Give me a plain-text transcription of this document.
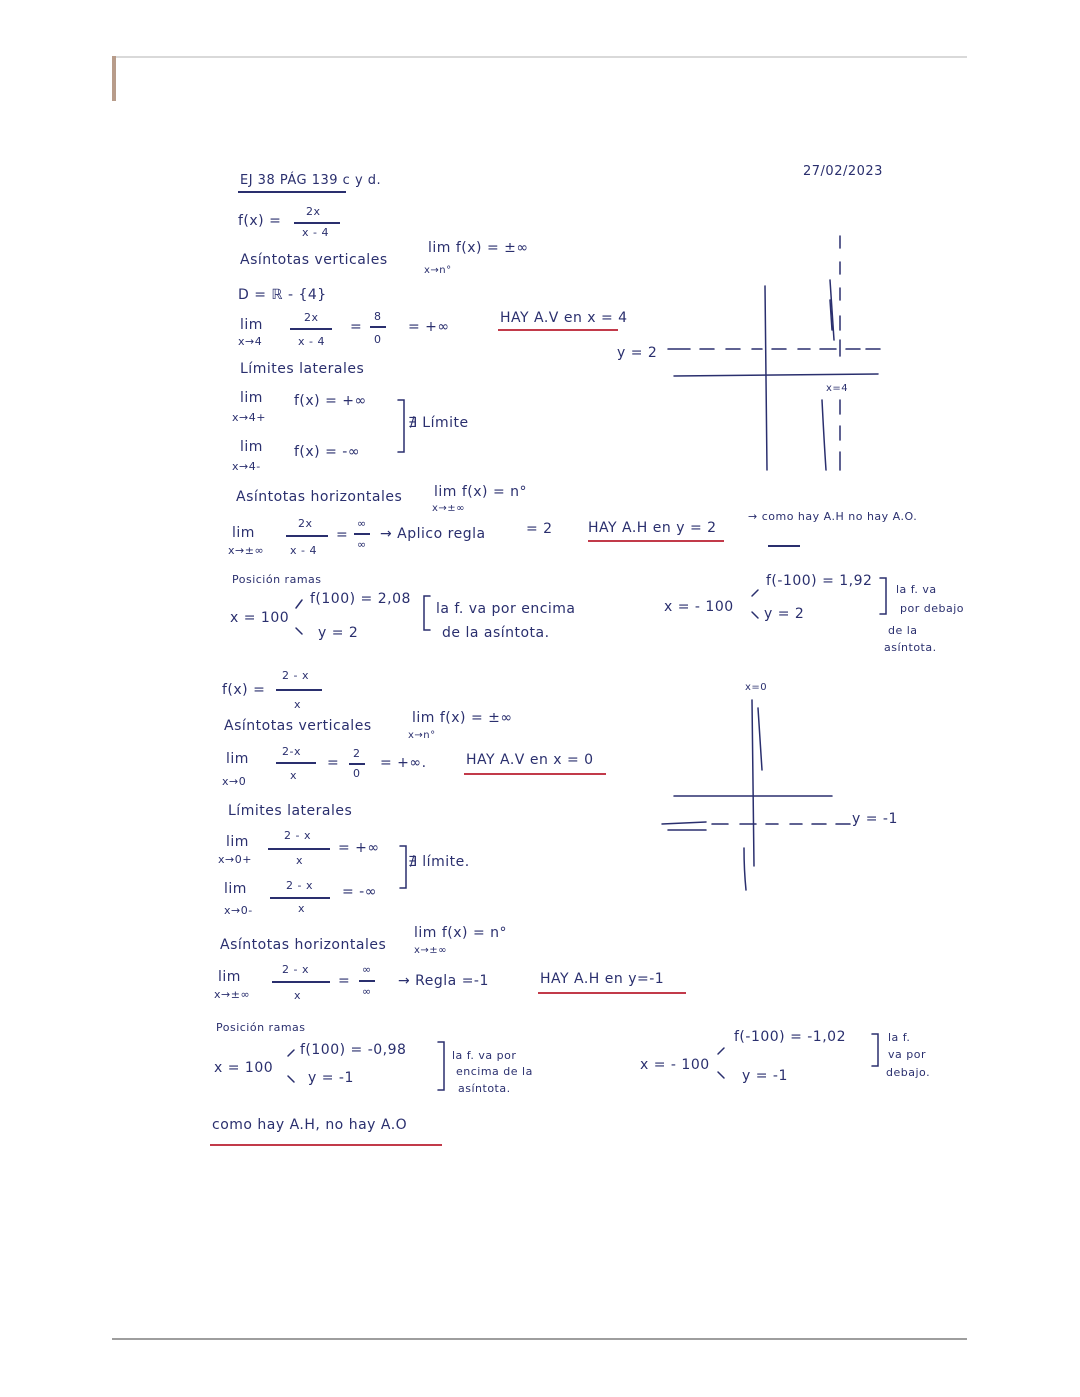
EJ 38 PÁG 139 c y d.
27/02/2023
f(x) =
2x
x - 4
Asíntotas verticales
lim f(x) = ±∞
x→n°
D = ℝ - {4}
lim
x→4
2x
x - 4
=
8
0
= +∞
HAY A.V en x = 4
Límites laterales
lim
x→4+
f(x) = +∞
lim
x→4-
f(x) = -∞
∄ Límite
Asíntotas horizontales lim f(x) = n°
x→±∞
lim
x→±∞
2x
x - 4
=
∞
∞
→ Aplico regla	= 2	HAY A.H en y = 2
→ como hay A.H no hay A.O.
Posición ramas
x = 100
f(100) = 2,08
y = 2
la f. va por encima
de la asíntota.
x = - 100
f(-100) = 1,92
y = 2
la f. va
por debajo
de la
asíntota.
y = 2
x=4
f(x) =
2 - x
x
Asíntotas verticales	lim f(x) = ±∞
x→n°
lim
x→0
2-x
x
=
2
0
= +∞.	HAY A.V en x = 0
Límites laterales
lim
x→0+
2 - x
x
= +∞
lim
x→0-
2 - x
x
= -∞
∄ límite.
Asíntotas horizontales
lim f(x) = n°
x→±∞
lim
x→±∞
2 - x
x
=
∞
∞
→ Regla =-1	HAY A.H en y=-1
Posición ramas
x = 100
f(100) = -0,98
y = -1
la f. va por
encima de la
asíntota.
x = - 100
f(-100) = -1,02
y = -1
la f.
va por
debajo.
como hay A.H, no hay A.O
y = -1
x=0
